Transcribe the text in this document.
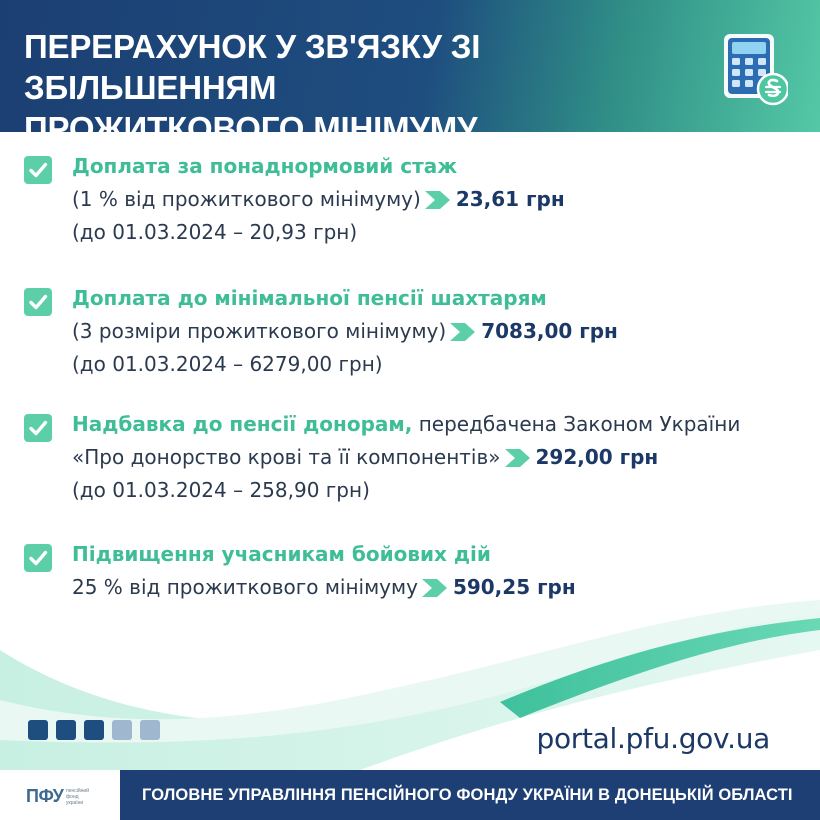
ПЕРЕРАХУНОК У ЗВ'ЯЗКУ ЗІ ЗБІЛЬШЕННЯМ
ПРОЖИТКОВОГО МІНІМУМУ
Доплата за понаднормовий стаж
(1 % від прожиткового мінімуму) 23,61 грн
(до 01.03.2024 – 20,93 грн)
Доплата до мінімальної пенсії шахтарям
(3 розміри прожиткового мінімуму) 7083,00 грн
(до 01.03.2024 – 6279,00 грн)
Надбавка до пенсії донорам, передбачена Законом України
«Про донорство крові та її компонентів» 292,00 грн
(до 01.03.2024 – 258,90 грн)
Підвищення учасникам бойових дій
25 % від прожиткового мінімуму 590,25 грн
portal.pfu.gov.ua
ПФУ пенсійний фонд україни	ГОЛОВНЕ УПРАВЛІННЯ ПЕНСІЙНОГО ФОНДУ УКРАЇНИ В ДОНЕЦЬКІЙ ОБЛАСТІ
